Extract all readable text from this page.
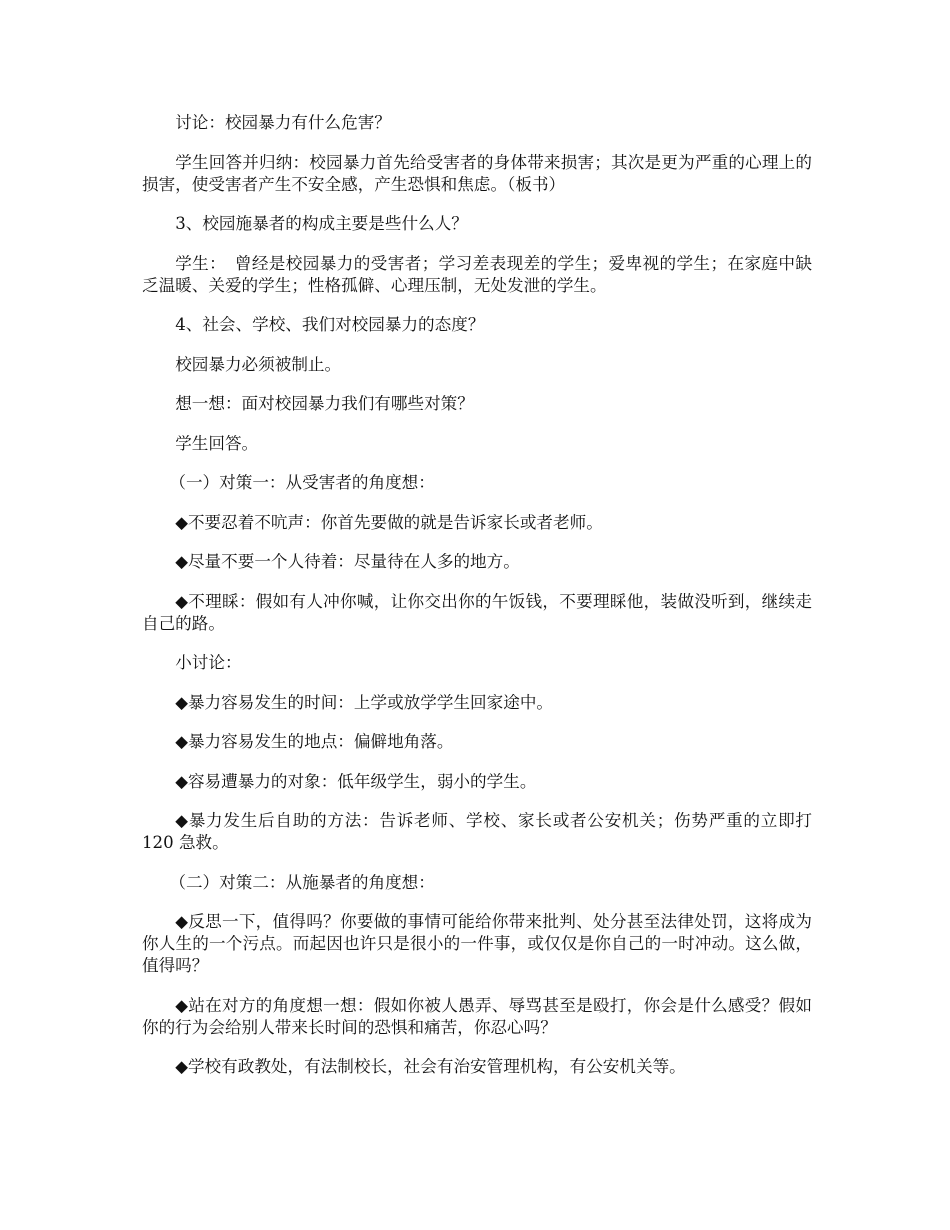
讨论：校园暴力有什么危害？

学生回答并归纳：校园暴力首先给受害者的身体带来损害；其次是更为严重的心理上的损害，使受害者产生不安全感，产生恐惧和焦虑。（板书）

3、校园施暴者的构成主要是些什么人？

学生：　曾经是校园暴力的受害者；学习差表现差的学生；爱卑视的学生；在家庭中缺乏温暖、关爱的学生；性格孤僻、心理压制，无处发泄的学生。

4、社会、学校、我们对校园暴力的态度？

校园暴力必须被制止。

想一想：面对校园暴力我们有哪些对策？

学生回答。

（一）对策一：从受害者的角度想：

◆不要忍着不吭声：你首先要做的就是告诉家长或者老师。

◆尽量不要一个人待着：尽量待在人多的地方。

◆不理睬：假如有人冲你喊，让你交出你的午饭钱，不要理睬他，装做没听到，继续走自己的路。

小讨论：

◆暴力容易发生的时间：上学或放学学生回家途中。

◆暴力容易发生的地点：偏僻地角落。

◆容易遭暴力的对象：低年级学生，弱小的学生。

◆暴力发生后自助的方法：告诉老师、学校、家长或者公安机关；伤势严重的立即打 120 急救。

（二）对策二：从施暴者的角度想：

◆反思一下，值得吗？你要做的事情可能给你带来批判、处分甚至法律处罚，这将成为你人生的一个污点。而起因也许只是很小的一件事，或仅仅是你自己的一时冲动。这么做，值得吗？

◆站在对方的角度想一想：假如你被人愚弄、辱骂甚至是殴打，你会是什么感受？假如你的行为会给别人带来长时间的恐惧和痛苦，你忍心吗？

◆学校有政教处，有法制校长，社会有治安管理机构，有公安机关等。
